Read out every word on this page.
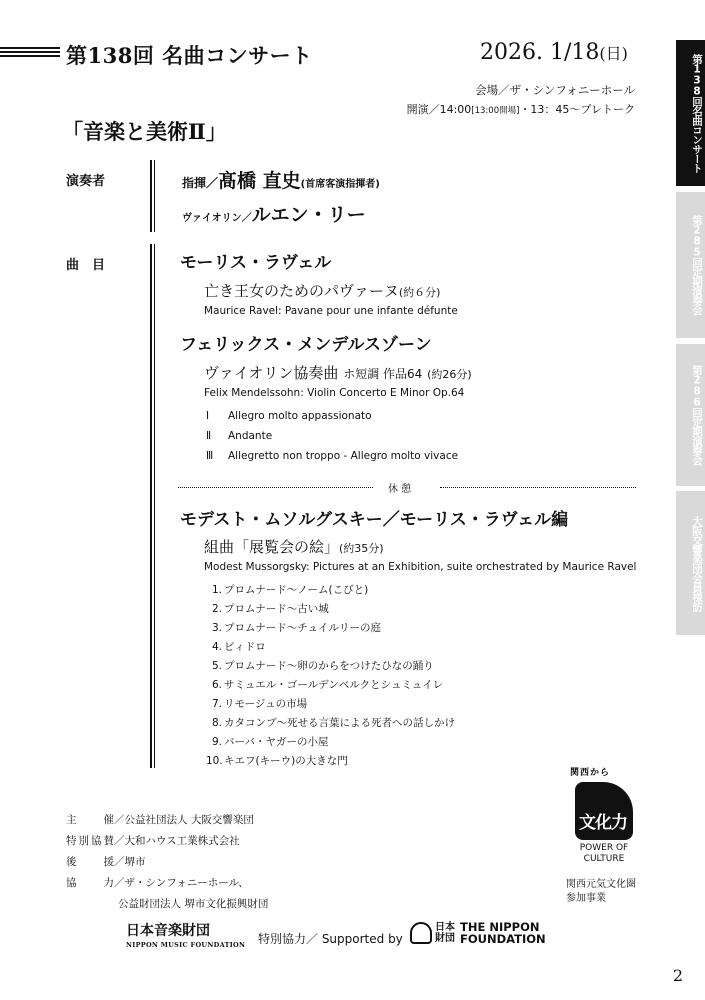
第138回 名曲コンサート	2026. 1/18(日)
会場／ザ・シンフォニーホール
開演／14:00[13:00開場]・13：45〜プレトーク
「音楽と美術Ⅱ」
演奏者	指揮／髙橋 直史(首席客演指揮者)
ヴァイオリン／ルエン・リー
曲　目	モーリス・ラヴェル
亡き王女のためのパヴァーヌ(約６分)
Maurice Ravel: Pavane pour une infante défunte
フェリックス・メンデルスゾーン
ヴァイオリン協奏曲 ホ短調 作品64 (約26分)
Felix Mendelssohn: Violin Concerto E Minor Op.64
Ⅰ Allegro molto appassionato
Ⅱ Andante
Ⅲ Allegretto non troppo - Allegro molto vivace
休 憩
モデスト・ムソルグスキー／モーリス・ラヴェル編
組曲「展覧会の絵」(約35分)
Modest Mussorgsky: Pictures at an Exhibition, suite orchestrated by Maurice Ravel
1. プロムナード〜ノーム(こびと)
2. プロムナード〜古い城
3. プロムナード〜チュイルリーの庭
4. ビィドロ
5. プロムナード〜卵のからをつけたひなの踊り
6. サミュエル・ゴールデンベルクとシュミュイレ
7. リモージュの市場
8. カタコンブ〜死せる言葉による死者への話しかけ
9. バーバ・ヤガーの小屋
10.キエフ(キーウ)の大きな門
主催／公益社団法人 大阪交響楽団
特別協賛／大和ハウス工業株式会社
後援／堺市
協力／ザ・シンフォニーホール、
公益財団法人 堺市文化振興財団
日本音楽財団
NIPPON MUSIC FOUNDATION 特別協力／ Supported by
日本財団THE NIPPON
FOUNDATION
関西から
文化力
POWER OF
CULTURE
関西元気文化圏
参加事業
第138回名曲コンサート
第285回定期演奏会
第286回定期演奏会
大阪交響楽団会員様訪
2
